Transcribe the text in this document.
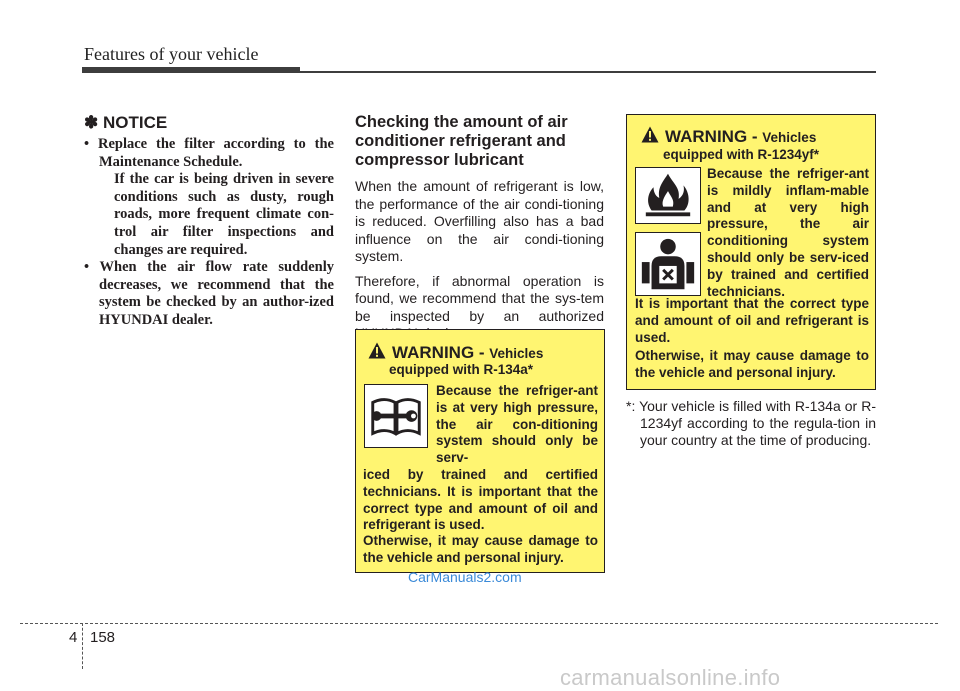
Features of your vehicle
✽ NOTICE
• Replace the filter according to the Maintenance Schedule.
If the car is being driven in severe conditions such as dusty, rough roads, more frequent climate con-trol air filter inspections and changes are required.
• When the air flow rate suddenly decreases, we recommend that the system be checked by an author-ized HYUNDAI dealer.
Checking the amount of air conditioner refrigerant and compressor lubricant

When the amount of refrigerant is low, the performance of the air condi-tioning is reduced. Overfilling also has a bad influence on the air condi-tioning system.

Therefore, if abnormal operation is found, we recommend that the sys-tem be inspected by an authorized

WARNING - Vehicles
equipped with R-134a*
Because the refriger-ant is at very high pressure, the air con-ditioning system should only be serv-
iced by trained and certified technicians. It is important that the correct type and amount of oil and refrigerant is used.
Otherwise, it may cause damage to the vehicle and personal injury.
WARNING - Vehicles
equipped with R-1234yf*
Because the refriger-ant is mildly inflam-mable and at very high pressure, the air conditioning system should only be serv-iced by trained and certified technicians.
It is important that the correct type and amount of oil and refrigerant is used.
Otherwise, it may cause damage to the vehicle and personal injury.
*: Your vehicle is filled with R-134a or R-1234yf according to the regula-tion in your country at the time of producing.
CarManuals2.com
4 158
carmanualsonline.info
